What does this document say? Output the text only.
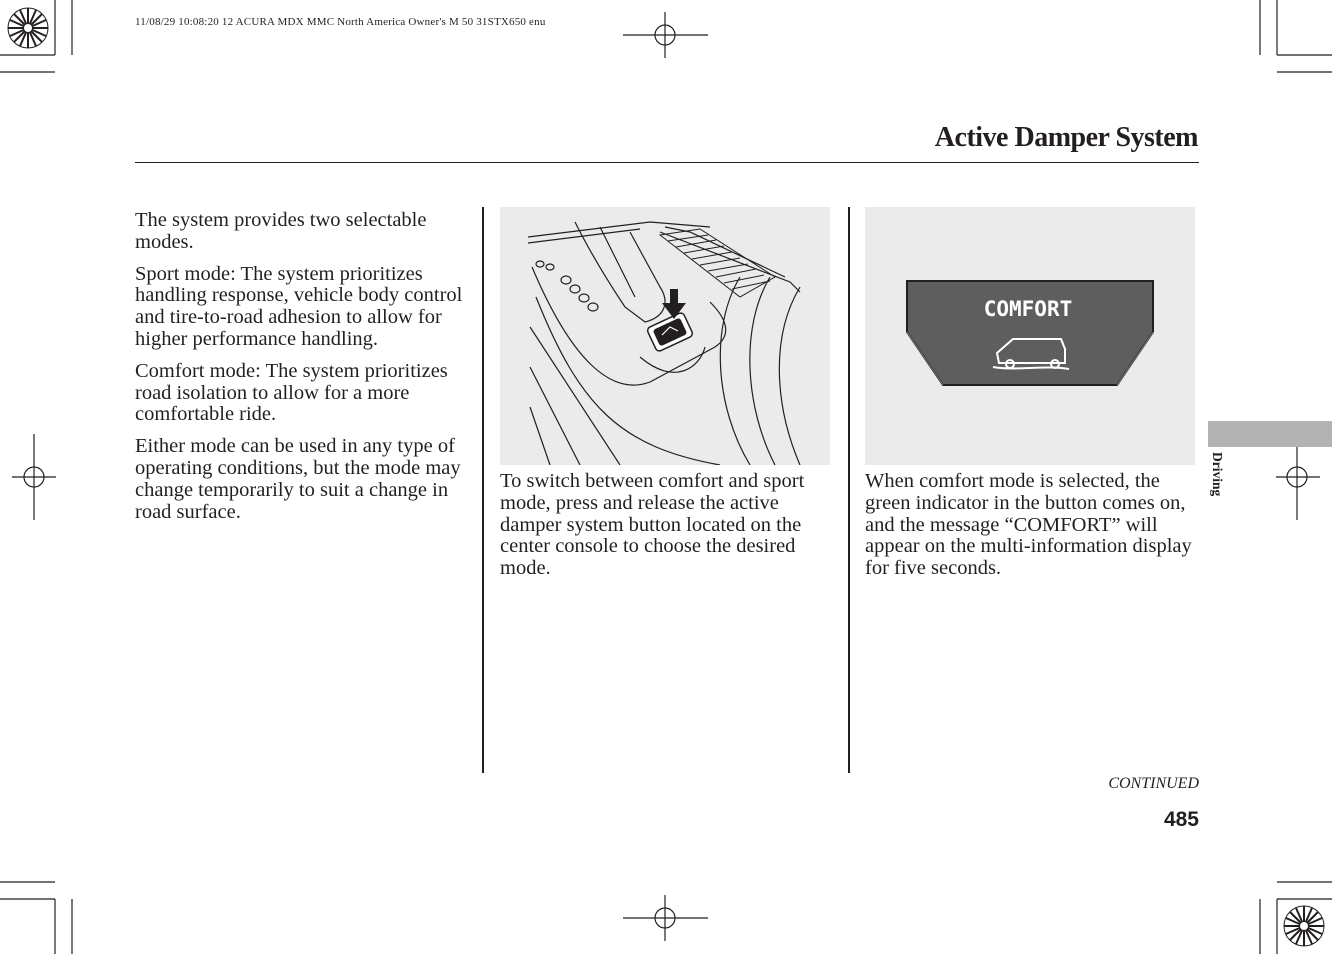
11/08/29 10:08:20 12 ACURA MDX MMC North America Owner's M 50 31STX650 enu
Active Damper System

The system provides two selectable modes.

Sport mode: The system prioritizes handling response, vehicle body control and tire-to-road adhesion to allow for higher performance handling.

Comfort mode: The system prioritizes road isolation to allow for a more comfortable ride.

Either mode can be used in any type of operating conditions, but the mode may change temporarily to suit a change in road surface.

To switch between comfort and sport mode, press and release the active damper system button located on the center console to choose the desired mode.
COMFORT
When comfort mode is selected, the green indicator in the button comes on, and the message “COMFORT” will appear on the multi-information display for five seconds.
Driving
CONTINUED
485
